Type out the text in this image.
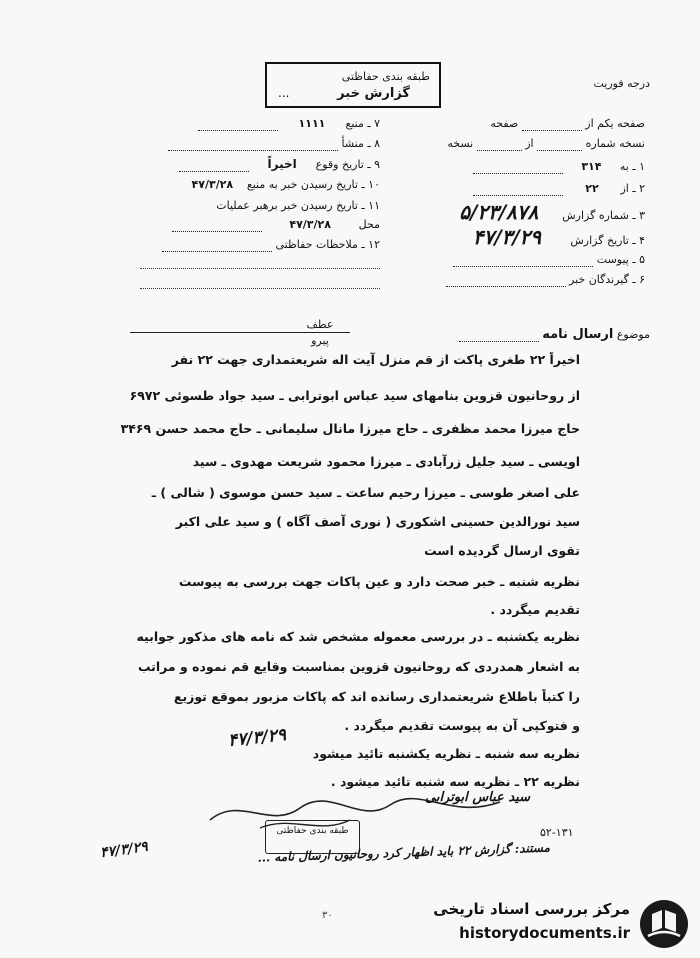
طبقه بندی حفاظتی
گزارش خبر
...
درجه فوریت
۷ ـ منبع ۱۱۱۱
۸ ـ منشأ
۹ ـ تاریخ وقوع اخیراً
۱۰ ـ تاریخ رسیدن خبر به منبع ۴۷/۳/۲۸
۱۱ ـ تاریخ رسیدن خبر برهبر عملیات
محل ۴۷/۳/۲۸
۱۲ ـ ملاحظات حفاظتی
صفحه یکم از  صفحه
نسخه شماره  از  نسخه
۱ ـ به ۳۱۴
۲ ـ از ۲۲
۳ ـ شماره گزارش ۵/۲۳/۸۷۸
۴ ـ تاریخ گزارش ۴۷/۳/۲۹
۵ ـ پیوست
۶ ـ گیرندگان خبر
عطف
پیرو	موضوع ارسال نامه
اخیراً ۲۲ طغری پاکت از قم منزل آیت اله شریعتمداری جهت ۲۲ نفر
از روحانیون قزوین بنامهای سید عباس ابوترابی ـ سید جواد طسوئی ۶۹۷۲
حاج میرزا محمد مظفری ـ حاج میرزا مانال سلیمانی ـ حاج محمد حسن ۳۴۶۹
اویسی ـ سید جلیل زرآبادی ـ میرزا محمود شریعت مهدوی ـ سید
علی اصغر طوسی ـ میرزا رحیم ساعت ـ سید حسن موسوی ( شالی ) ـ
سید نورالدین حسینی اشکوری ( نوری آصف آگاه ) و سید علی اکبر
تقوی ارسال گردیده است
نظریه شنبه ـ خبر صحت دارد و عین پاکات جهت بررسی به پیوست
تقدیم میگردد .
نظریه یکشنبه ـ در بررسی معموله مشخص شد که نامه های مذکور جوابیه
به اشعار همدردی که روحانیون قزوین بمناسبت وقایع قم نموده و مراتب
را کتباً باطلاع شریعتمداری رسانده اند که پاکات مزبور بموقع توزیع
و فتوکپی آن به پیوست تقدیم میگردد .
نظریه سه شنبه ـ نظریه یکشنبه تائید میشود
نظریه ۲۲ ـ نظریه سه شنبه تائید میشود .
۴۷/۳/۲۹
سید عباس ابوترابی
طبقه بندی حفاظتی
مستند: گزارش ۲۲ باید اظهار کرد روحانیون ارسال نامه ...
۴۷/۳/۲۹
۵۲-۱۳۱
۳۰	مرکز بررسی اسناد تاریخی
historydocuments.ir
